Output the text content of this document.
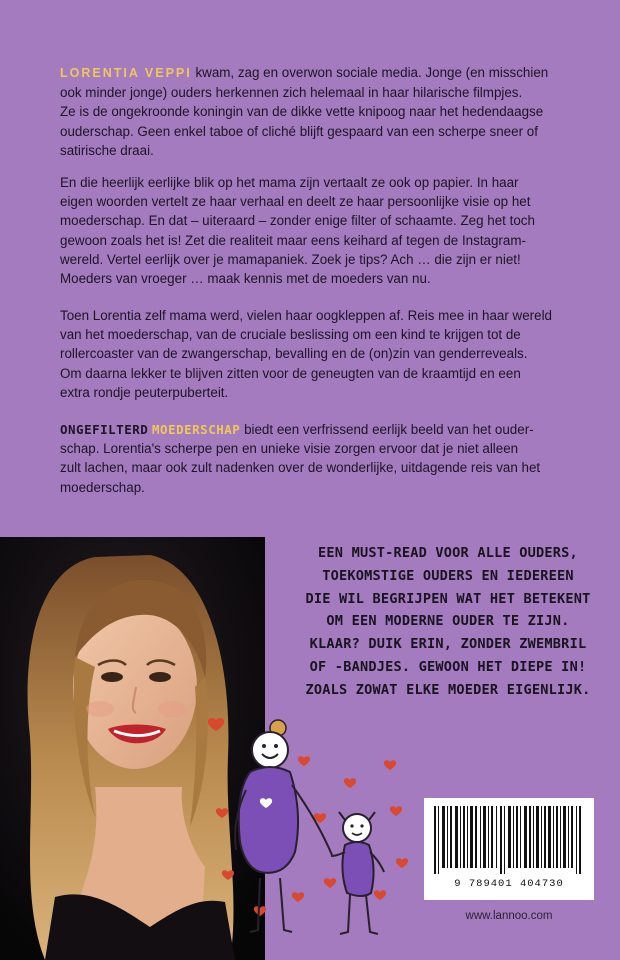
LORENTIA VEPPI kwam, zag en overwon sociale media. Jonge (en misschien

ook minder jonge) ouders herkennen zich helemaal in haar hilarische filmpjes.

Ze is de ongekroonde koningin van de dikke vette knipoog naar het hedendaagse

ouderschap. Geen enkel taboe of cliché blijft gespaard van een scherpe sneer of

satirische draai.

En die heerlijk eerlijke blik op het mama zijn vertaalt ze ook op papier. In haar

eigen woorden vertelt ze haar verhaal en deelt ze haar persoonlijke visie op het

moederschap. En dat – uiteraard – zonder enige filter of schaamte. Zeg het toch

gewoon zoals het is! Zet die realiteit maar eens keihard af tegen de Instagram-

wereld. Vertel eerlijk over je mamapaniek. Zoek je tips? Ach … die zijn er niet!

Moeders van vroeger … maak kennis met de moeders van nu.

Toen Lorentia zelf mama werd, vielen haar oogkleppen af. Reis mee in haar wereld

van het moederschap, van de cruciale beslissing om een kind te krijgen tot de

rollercoaster van de zwangerschap, bevalling en de (on)zin van genderreveals.

Om daarna lekker te blijven zitten voor de geneugten van de kraamtijd en een

extra rondje peuterpuberteit.

ONGEFILTERD MOEDERSCHAP biedt een verfrissend eerlijk beeld van het ouder-

schap. Lorentia's scherpe pen en unieke visie zorgen ervoor dat je niet alleen

zult lachen, maar ook zult nadenken over de wonderlijke, uitdagende reis van het

moederschap.

EEN MUST-READ VOOR ALLE OUDERS,
TOEKOMSTIGE OUDERS EN IEDEREEN
DIE WIL BEGRIJPEN WAT HET BETEKENT
OM EEN MODERNE OUDER TE ZIJN.
KLAAR? DUIK ERIN, ZONDER ZWEMBRIL
OF -BANDJES. GEWOON HET DIEPE IN!
ZOALS ZOWAT ELKE MOEDER EIGENLIJK.
9 789401 404730
www.lannoo.com
